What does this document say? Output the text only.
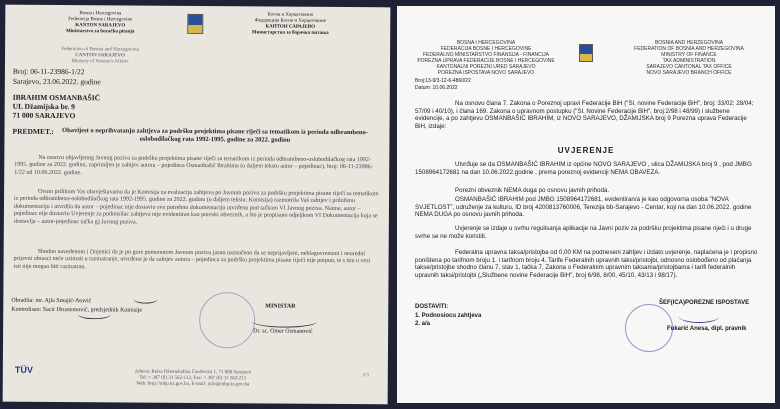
Bosna i Hercegovina
Federacija Bosne i Hercegovine
KANTON SARAJEVO
Ministarstvo za boračka pitanja
Босна и Херцеговина
Федерација Босне и Херцеговине
КАНТОН САРАЈЕВО
Министарство за борачка питања
Federation of Bosnia and Herzegovina
CANTON SARAJEVO
Ministry of Veteran's Affairs
Broj: 06-11-23986-1/22
Sarajevo, 23.06.2022. godine
IBRAHIM OSMANBAŠIĆ
UL Džamijska br. 9
71 000 SARAJEVO
PREDMET.:	Obavijest o neprihvatanju zahtjeva za podršku projektima pisane riječi sa tematikom iz perioda odbrambeno-oslobodilačkog rata 1992-1995. godine za 2022. godinu
Na osnovu objavljenog Javnog poziva za podršku projektima pisane riječi sa tematikom iz perioda odbrambeno-oslobodilačkog rata 1992-1995. godine za 2022. godinu, zaprimljen je zahtjev autora – pojedinca Osmanbašić Ibrahima (u daljem tekstu autor – pojedinac), broj: 06-11-23986-1/22 od 10.06.2022. godine.
Ovom prilikom Vas obavještavamo da je Komisija za evaluaciju zahtjeva po Javnom pozivu za podršku projektima pisane riječi sa tematikom iz perioda odbrambeno-oslobodilačkog rata 1992-1995. godine za 2022. godinu (u daljem tekstu: Komisija) razmotrila Vaš zahtjev i priloženu dokumentaciju i utvrdila da autor – pojedinac nije dostavio svu potrebnu dokumentaciju utvrđenu pod tačkom VI Javnog poziva. Naime, autor – pojedinac nije dostavio Uvjerenje za podnosilac zahtjeva nije evidentiran kao poreski obveznik, a što je propisano odjeljkom VI Dokumentacija koja se dostavlja – autor-pojedinac tačka g) Javnog poziva.
Shodno navedenom i činjenici da je po gore pomenutom Javnom pozivu jasno naznačeno da se neprijavljeni, neblagovremeni i neuredni prijavni obrasci neće uzimati u razmatranje, utvrđeno je da zahtjev autora – pojedinca za podršku projektima pisane riječi nije potpun, te s tim u vezi isti nije mogao biti razmatran.
Obradila: mr. Ajla Smajić-Atović
Kontrolisao: Sacir Hrustemović, predsjednik Komisije
MINISTAR
Dr. sc. Omer Osmanović
TÜV	Adresa: Reisa Džemaludina Čauševića 1, 71 000 Sarajevo
Tel: + 387 (0) 33 562-112, Fax: + 387 (0) 33 562-211
Web: http://mbp.ks.gov.ba, E-mail: info@mbp.ks.gov.ba
1/1
BOSNA I HERCEGOVINA
FEDERACIJA BOSNE I HERCEGOVINE
FEDERALNO MINISTARSTVO FINANSIJA - FINANCIJA
POREZNA UPRAVA FEDERACIJE BOSNE I HERCEGOVINE
KANTONALNI POREZNI URED SARAJEVO
POREZNA ISPOSTAVA NOVO SARAJEVO
BOSNIA AND HERZEGOVINA
FEDERATION OF BOSNIA AND HERZEGOVINA
MINISTRY OF FINANCE
TAX ADMINISTRATION
SARAJEVO CANTONAL TAX OFFICE
NOVO SARAJEVO BRANCH OFFICE
Broj:13-9/3-12-6-4860/22
Datum: 10.06.2022
Na osnovu člana 7. Zakona o Poreznoj upravi Federacije BiH ("Sl. novine Federacije BiH", broj: 33/02; 28/04; 57/09 i 40/10), i člana 169. Zakona o upravnom postupku ("Sl. Novine Federacije BiH", broj:2/98 i 48/99) i službene evidencije, a po zahtjevu OSMANBAŠIĆ IBRAHIM, iz NOVO SARAJEVO, DŽAMIJSKA broj 9 Porezna uprava Federacije BiH, izdaje:
UVJERENJE
Utvrđuje se da OSMANBAŠIĆ IBRAHIM iz općine NOVO SARAJEVO , ulica DŽAMIJSKA broj 9 , pod JMBG 1508964172681 na dan 10.06.2022.godine , prema poreznoj evidenciji NEMA OBAVEZA.
Porezni obveznik NEMA duga po osnovu javnih prihoda.
OSMANBAŠIĆ IBRAHIM pod JMBG 1508964172681, evidentiran/a je kao odgovorna osoba "NOVA SVJETLOST", udruženje za kulturu, ID broj 4200813760006, Terezija bb-Sarajevo - Centar, koji na dan 10.06.2022. godine NEMA DUGA po osnovu javnih prihoda.
Uvjerenje se izdaje u svrhu regulisanja aplikacije na Javni poziv za podršku projektima pisane riječi i u druge svrhe se ne može koristiti.
Federalna upravna taksa/pristojba od 0,00 KM na podneseni zahtjev i izdato uvjerenje, naplaćena je i propisno poništena po tarifnom broju 1. i tarifnom broju 4. Tarife Federalnih upravnih taksi/pristojbi, odnosno oslobođeno od plaćanja takse/pristojbe shodno članu 7, stav 1, tačka 7, Zakona o Federalnim upravnim taksama/pristojbama i tarifi federalnih upravnih taksi/pristojbi („Službene novine Federacije BiH", broj 6/98, 8/00, 45/10, 43/13 i 98/17).
DOSTAVITI:
1. Podnosiocu zahtjeva
2. a/a
ŠEF(ICA)POREZNE ISPOSTAVE
Fukarić Anesa, dipl. pravnik
